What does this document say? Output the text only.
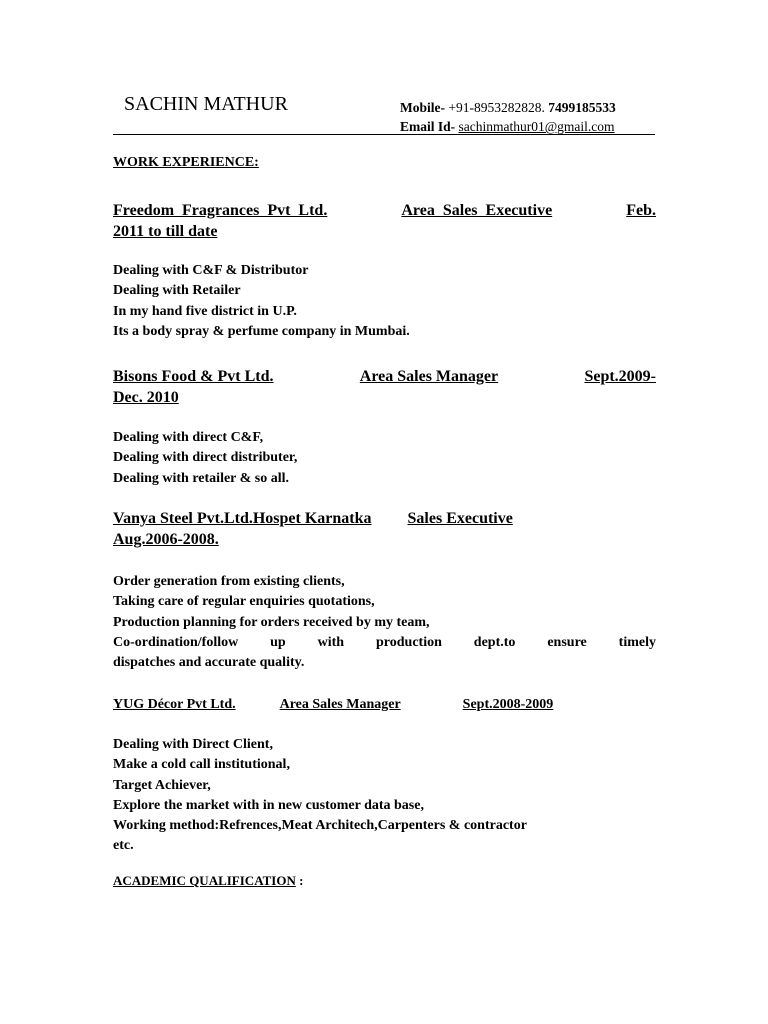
SACHIN MATHUR	Mobile- +91-8953282828. 7499185533
Email Id- sachinmathur01@gmail.com
WORK EXPERIENCE:
Freedom  Fragrances  Pvt  Ltd.	Area  Sales  Executive	Feb.
2011 to till date
Dealing with C&F & Distributor
Dealing with Retailer
In my hand five district in U.P.
Its a body spray & perfume company in Mumbai.
Bisons Food & Pvt Ltd.	Area Sales Manager	Sept.2009-
Dec. 2010
Dealing with direct C&F,
Dealing with direct distributer,
Dealing with retailer & so all.
Vanya Steel Pvt.Ltd.Hospet Karnatka Sales Executive
Aug.2006-2008.
Order generation from existing clients,
Taking care of regular enquiries quotations,
Production planning for orders received by my team,
Co-ordination/follow up with production dept.to ensure timely
dispatches and accurate quality.
YUG Décor Pvt Ltd.	Area Sales Manager	Sept.2008-2009
Dealing with Direct Client,
Make a cold call institutional,
Target Achiever,
Explore the market with in new customer data base,
Working method:Refrences,Meat Architech,Carpenters & contractor
etc.
ACADEMIC QUALIFICATION :
